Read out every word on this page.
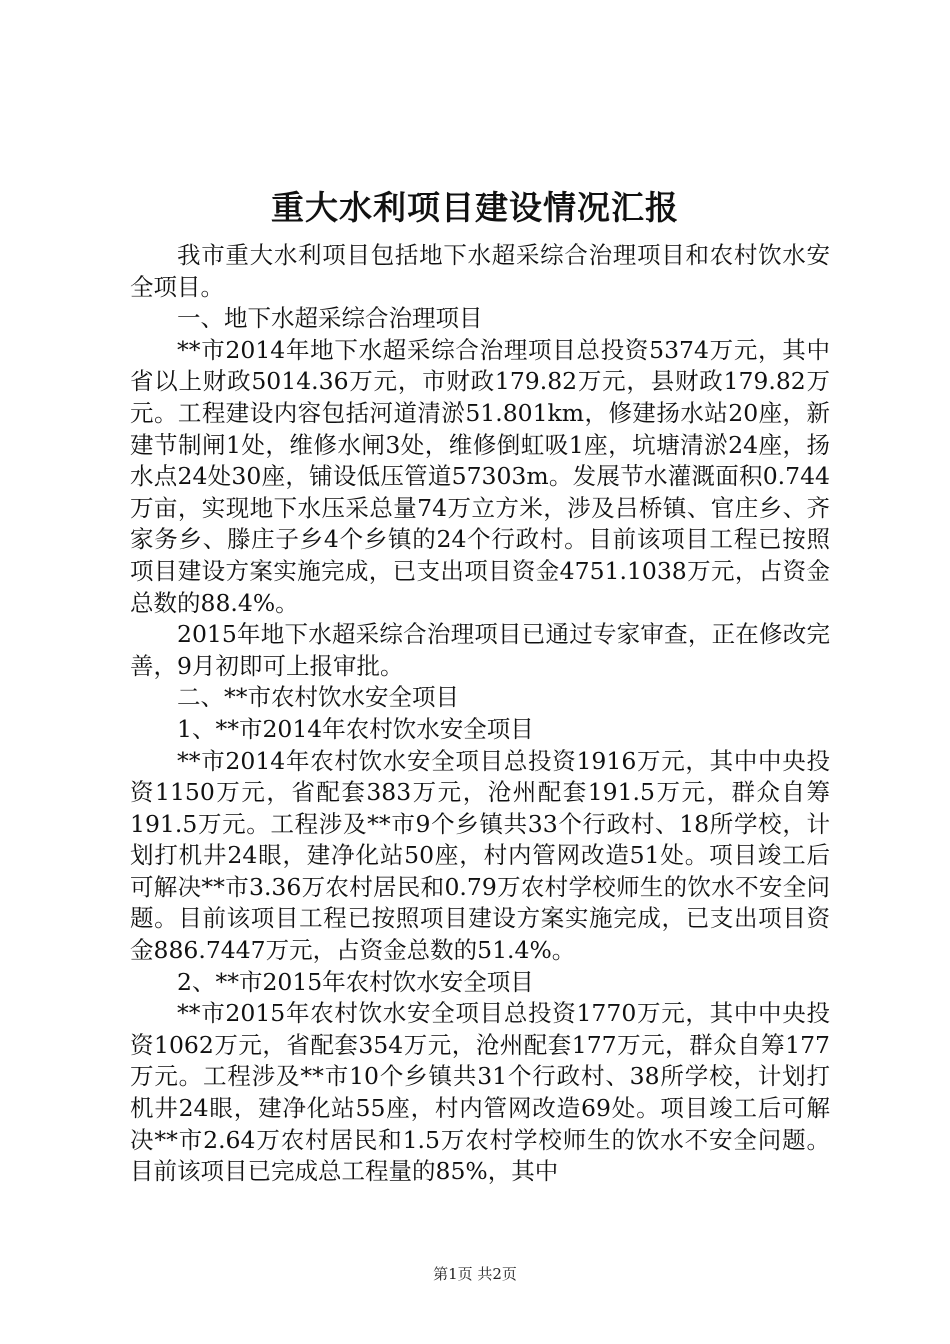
重大水利项目建设情况汇报

我市重大水利项目包括地下水超采综合治理项目和农村饮水安全项目。

一、地下水超采综合治理项目

**市2014年地下水超采综合治理项目总投资5374万元，其中省以上财政5014.36万元，市财政179.82万元，县财政179.82万元。工程建设内容包括河道清淤51.801km，修建扬水站20座，新建节制闸1处，维修水闸3处，维修倒虹吸1座，坑塘清淤24座，扬水点24处30座，铺设低压管道57303m。发展节水灌溉面积0.744万亩，实现地下水压采总量74万立方米，涉及吕桥镇、官庄乡、齐家务乡、滕庄子乡4个乡镇的24个行政村。目前该项目工程已按照项目建设方案实施完成，已支出项目资金4751.1038万元，占资金总数的88.4%。

2015年地下水超采综合治理项目已通过专家审查，正在修改完善，9月初即可上报审批。

二、**市农村饮水安全项目

1、**市2014年农村饮水安全项目

**市2014年农村饮水安全项目总投资1916万元，其中中央投资1150万元，省配套383万元，沧州配套191.5万元，群众自筹191.5万元。工程涉及**市9个乡镇共33个行政村、18所学校，计划打机井24眼，建净化站50座，村内管网改造51处。项目竣工后可解决**市3.36万农村居民和0.79万农村学校师生的饮水不安全问题。目前该项目工程已按照项目建设方案实施完成，已支出项目资金886.7447万元，占资金总数的51.4%。

2、**市2015年农村饮水安全项目

**市2015年农村饮水安全项目总投资1770万元，其中中央投资1062万元，省配套354万元，沧州配套177万元，群众自筹177万元。工程涉及**市10个乡镇共31个行政村、38所学校，计划打机井24眼，建净化站55座，村内管网改造69处。项目竣工后可解决**市2.64万农村居民和1.5万农村学校师生的饮水不安全问题。目前该项目已完成总工程量的85%，其中

第1页 共2页
